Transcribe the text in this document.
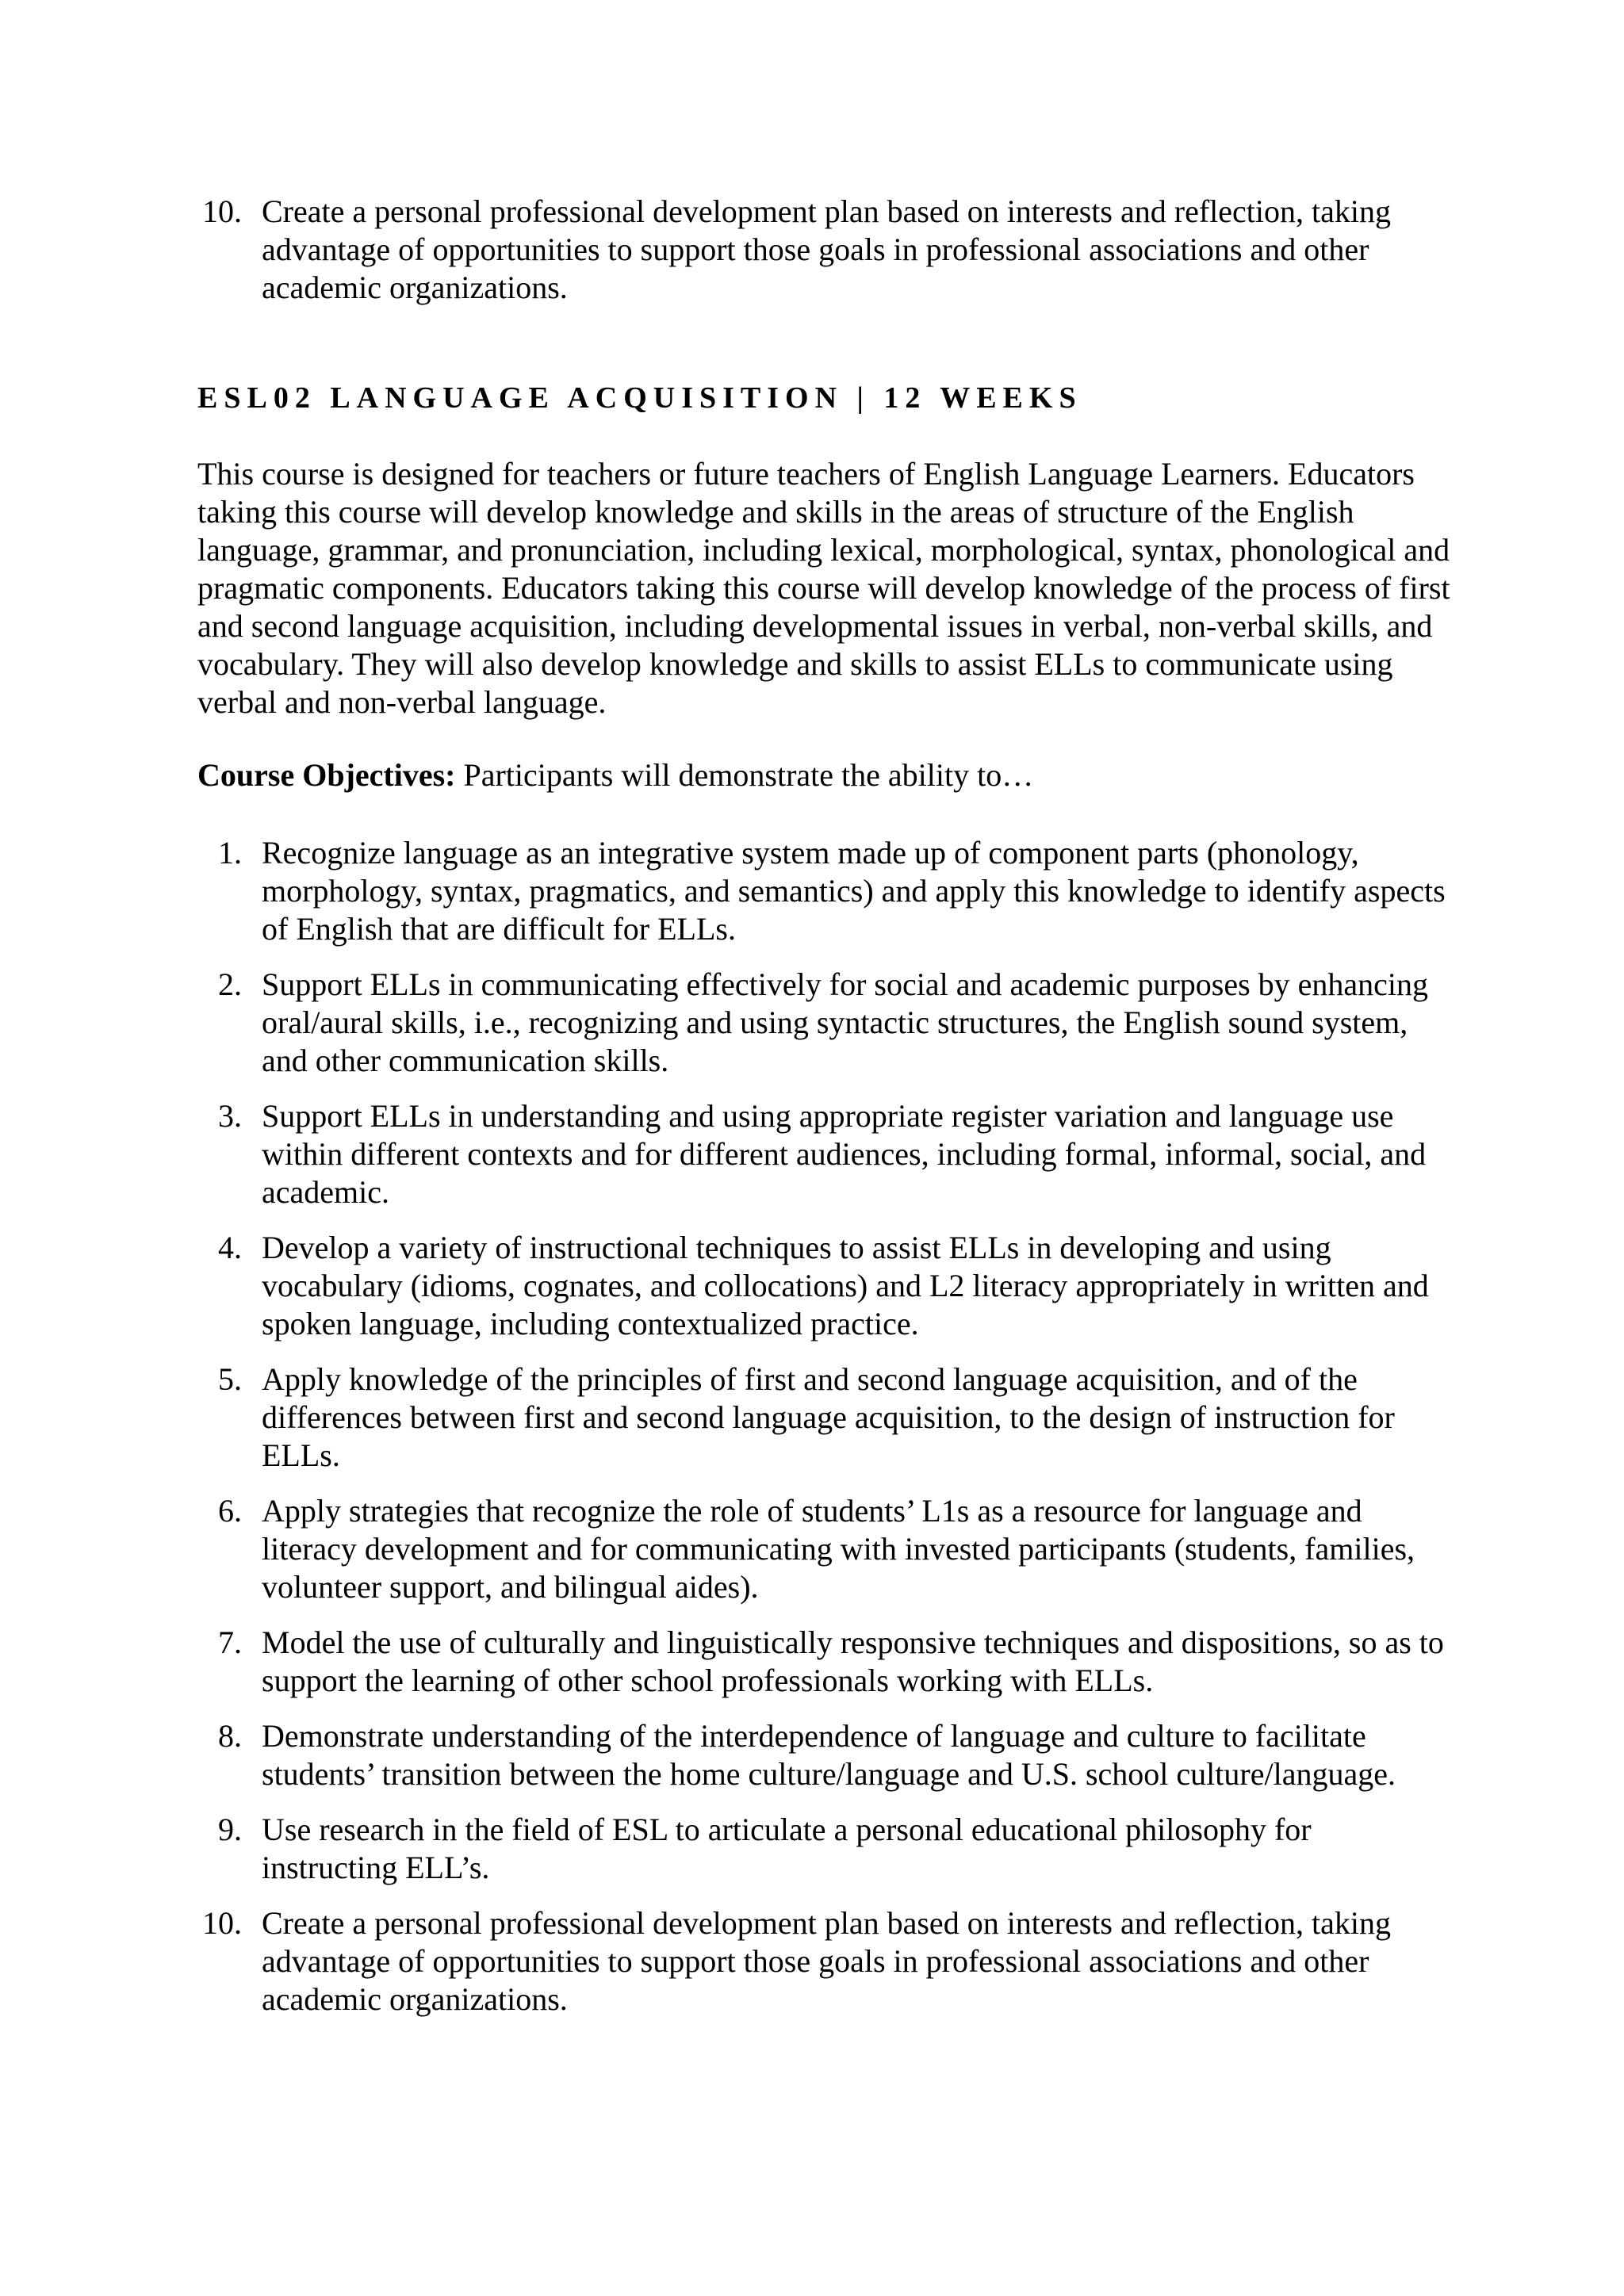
10. Create a personal professional development plan based on interests and reflection, taking advantage of opportunities to support those goals in professional associations and other academic organizations.
ESL02 LANGUAGE ACQUISITION | 12 WEEKS

This course is designed for teachers or future teachers of English Language Learners. Educators taking this course will develop knowledge and skills in the areas of structure of the English language, grammar, and pronunciation, including lexical, morphological, syntax, phonological and pragmatic components. Educators taking this course will develop knowledge of the process of first and second language acquisition, including developmental issues in verbal, non-verbal skills, and vocabulary. They will also develop knowledge and skills to assist ELLs to communicate using verbal and non-verbal language.

Course Objectives: Participants will demonstrate the ability to…

1. Recognize language as an integrative system made up of component parts (phonology, morphology, syntax, pragmatics, and semantics) and apply this knowledge to identify aspects of English that are difficult for ELLs.
2. Support ELLs in communicating effectively for social and academic purposes by enhancing oral/aural skills, i.e., recognizing and using syntactic structures, the English sound system, and other communication skills.
3. Support ELLs in understanding and using appropriate register variation and language use within different contexts and for different audiences, including formal, informal, social, and academic.
4. Develop a variety of instructional techniques to assist ELLs in developing and using vocabulary (idioms, cognates, and collocations) and L2 literacy appropriately in written and spoken language, including contextualized practice.
5. Apply knowledge of the principles of first and second language acquisition, and of the differences between first and second language acquisition, to the design of instruction for ELLs.
6. Apply strategies that recognize the role of students’ L1s as a resource for language and literacy development and for communicating with invested participants (students, families, volunteer support, and bilingual aides).
7. Model the use of culturally and linguistically responsive techniques and dispositions, so as to support the learning of other school professionals working with ELLs.
8. Demonstrate understanding of the interdependence of language and culture to facilitate students’ transition between the home culture/language and U.S. school culture/language.
9. Use research in the field of ESL to articulate a personal educational philosophy for instructing ELL’s.
10. Create a personal professional development plan based on interests and reflection, taking advantage of opportunities to support those goals in professional associations and other academic organizations.
